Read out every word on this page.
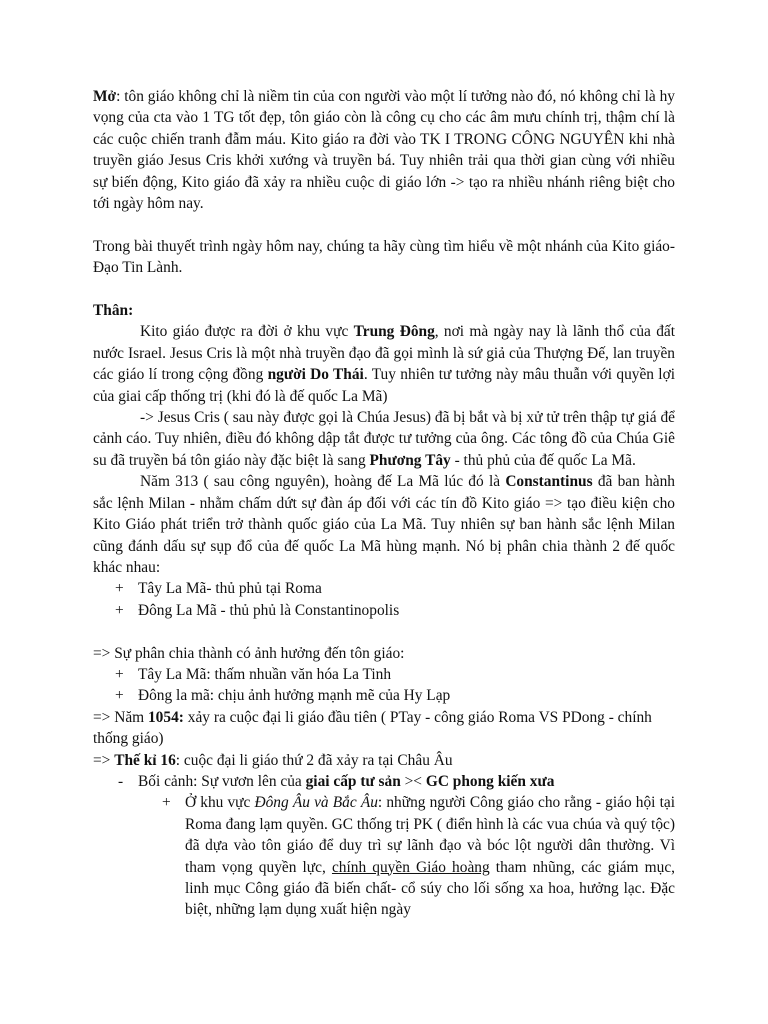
Mở: tôn giáo không chỉ là niềm tin của con người vào một lí tưởng nào đó, nó không chỉ là hy vọng của cta vào 1 TG tốt đẹp, tôn giáo còn là công cụ cho các âm mưu chính trị, thậm chí là các cuộc chiến tranh đẫm máu. Kito giáo ra đời vào TK I TRONG CÔNG NGUYÊN khi nhà truyền giáo Jesus Cris khởi xướng và truyền bá. Tuy nhiên trải qua thời gian cùng với nhiều sự biến động, Kito giáo đã xảy ra nhiều cuộc di giáo lớn -> tạo ra nhiều nhánh riêng biệt cho tới ngày hôm nay.

Trong bài thuyết trình ngày hôm nay, chúng ta hãy cùng tìm hiểu về một nhánh của Kito giáo- Đạo Tin Lành.

Thân:

Kito giáo được ra đời ở khu vực Trung Đông, nơi mà ngày nay là lãnh thổ của đất nước Israel. Jesus Cris là một nhà truyền đạo đã gọi mình là sứ giả của Thượng Đế, lan truyền các giáo lí trong cộng đồng người Do Thái. Tuy nhiên tư tưởng này mâu thuẫn với quyền lợi của giai cấp thống trị (khi đó là đế quốc La Mã)

-> Jesus Cris ( sau này được gọi là Chúa Jesus) đã bị bắt và bị xử tử trên thập tự giá để cảnh cáo. Tuy nhiên, điều đó không dập tắt được tư tưởng của ông. Các tông đồ của Chúa Giê su đã truyền bá tôn giáo này đặc biệt là sang Phương Tây - thủ phủ của đế quốc La Mã.

Năm 313 ( sau công nguyên), hoàng đế La Mã lúc đó là Constantinus đã ban hành sắc lệnh Milan - nhằm chấm dứt sự đàn áp đối với các tín đồ Kito giáo => tạo điều kiện cho Kito Giáo phát triển trở thành quốc giáo của La Mã. Tuy nhiên sự ban hành sắc lệnh Milan cũng đánh dấu sự sụp đổ của đế quốc La Mã hùng mạnh. Nó bị phân chia thành 2 đế quốc khác nhau:

+ Tây La Mã- thủ phủ tại Roma
+ Đông La Mã - thủ phủ là Constantinopolis

=> Sự phân chia thành có ảnh hưởng đến tôn giáo:

+ Tây La Mã: thấm nhuần văn hóa La Tinh
+ Đông la mã: chịu ảnh hưởng mạnh mẽ của Hy Lạp

=> Năm 1054: xảy ra cuộc đại li giáo đầu tiên ( PTay - công giáo Roma VS PDong - chính thống giáo)

=> Thế kỉ 16: cuộc đại li giáo thứ 2 đã xảy ra tại Châu Âu

- Bối cảnh: Sự vươn lên của giai cấp tư sản >< GC phong kiến xưa
+ Ở khu vực Đông Âu và Bắc Âu: những người Công giáo cho rằng - giáo hội tại Roma đang lạm quyền. GC thống trị PK ( điển hình là các vua chúa và quý tộc) đã dựa vào tôn giáo để duy trì sự lãnh đạo và bóc lột người dân thường. Vì tham vọng quyền lực, chính quyền Giáo hoàng tham nhũng, các giám mục, linh mục Công giáo đã biến chất- cổ súy cho lối sống xa hoa, hưởng lạc. Đặc biệt, những lạm dụng xuất hiện ngày
